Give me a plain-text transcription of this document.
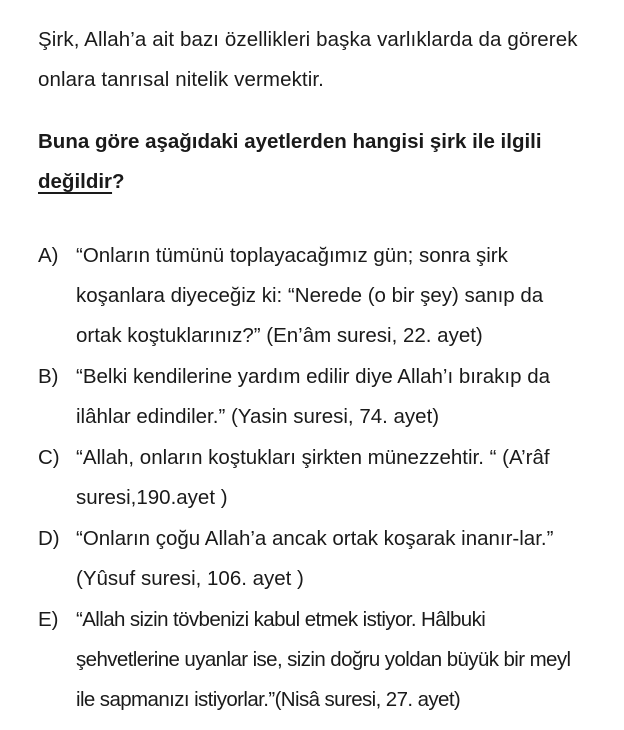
Şirk, Allah’a ait bazı özellikleri başka varlıklarda da görerek onlara tanrısal nitelik vermektir.

Buna göre aşağıdaki ayetlerden hangisi şirk ile ilgili değildir?

A) “Onların tümünü toplayacağımız gün; sonra şirk koşanlara diyeceğiz ki: “Nerede (o bir şey) sanıp da ortak koştuklarınız?” (En’âm suresi, 22. ayet)
B) “Belki kendilerine yardım edilir diye Allah’ı bırakıp da ilâhlar edindiler.” (Yasin suresi, 74. ayet)
C) “Allah, onların koştukları şirkten münezzehtir. “ (A’râf suresi,190.ayet )
D) “Onların çoğu Allah’a ancak ortak koşarak inanır-lar.” (Yûsuf suresi, 106. ayet )
E) “Allah sizin tövbenizi kabul etmek istiyor. Hâlbuki şehvetlerine uyanlar ise, sizin doğru yoldan büyük bir meyl ile sapmanızı istiyorlar.”(Nisâ suresi, 27. ayet)
